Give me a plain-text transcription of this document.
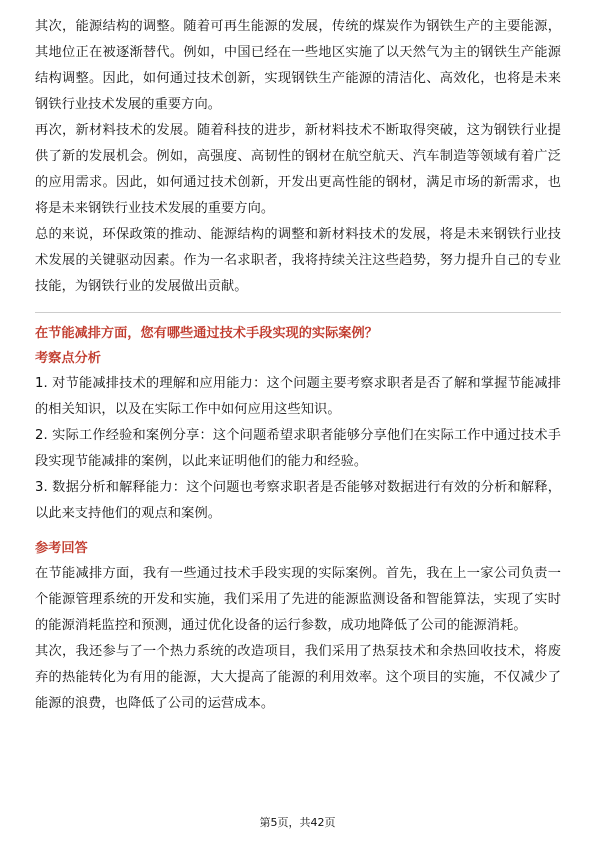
其次，能源结构的调整。随着可再生能源的发展，传统的煤炭作为钢铁生产的主要能源，其地位正在被逐渐替代。例如，中国已经在一些地区实施了以天然气为主的钢铁生产能源结构调整。因此，如何通过技术创新，实现钢铁生产能源的清洁化、高效化，也将是未来钢铁行业技术发展的重要方向。

再次，新材料技术的发展。随着科技的进步，新材料技术不断取得突破，这为钢铁行业提供了新的发展机会。例如，高强度、高韧性的钢材在航空航天、汽车制造等领域有着广泛的应用需求。因此，如何通过技术创新，开发出更高性能的钢材，满足市场的新需求，也将是未来钢铁行业技术发展的重要方向。

总的来说，环保政策的推动、能源结构的调整和新材料技术的发展，将是未来钢铁行业技术发展的关键驱动因素。作为一名求职者，我将持续关注这些趋势，努力提升自己的专业技能，为钢铁行业的发展做出贡献。

在节能减排方面，您有哪些通过技术手段实现的实际案例？

考察点分析

1. 对节能减排技术的理解和应用能力：这个问题主要考察求职者是否了解和掌握节能减排的相关知识，以及在实际工作中如何应用这些知识。

2. 实际工作经验和案例分享：这个问题希望求职者能够分享他们在实际工作中通过技术手段实现节能减排的案例，以此来证明他们的能力和经验。

3. 数据分析和解释能力：这个问题也考察求职者是否能够对数据进行有效的分析和解释，以此来支持他们的观点和案例。

参考回答

在节能减排方面，我有一些通过技术手段实现的实际案例。首先，我在上一家公司负责一个能源管理系统的开发和实施，我们采用了先进的能源监测设备和智能算法，实现了实时的能源消耗监控和预测，通过优化设备的运行参数，成功地降低了公司的能源消耗。

其次，我还参与了一个热力系统的改造项目，我们采用了热泵技术和余热回收技术，将废弃的热能转化为有用的能源，大大提高了能源的利用效率。这个项目的实施，不仅减少了能源的浪费，也降低了公司的运营成本。

第5页，共42页
